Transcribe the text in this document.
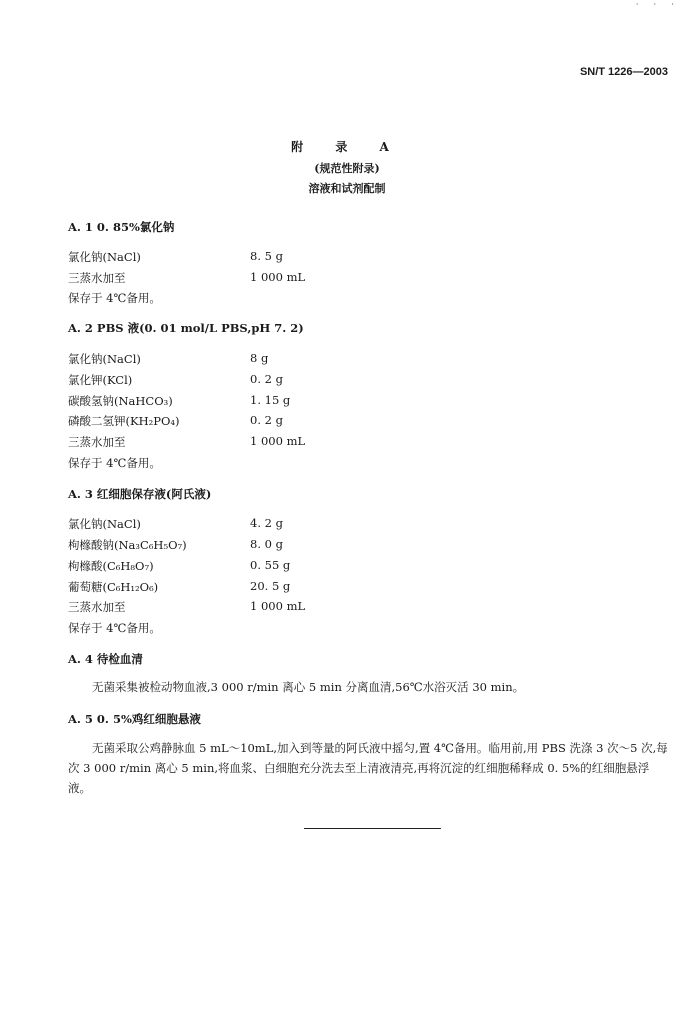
· · ·
SN/T 1226—2003
附 录 A
(规范性附录)
溶液和试剂配制
A. 1 0. 85%氯化钠
氯化钠(NaCl)	8. 5 g
三蒸水加至	1 000 mL
保存于 4℃备用。
A. 2 PBS 液(0. 01 mol/L PBS,pH 7. 2)
氯化钠(NaCl)	8 g
氯化钾(KCl)	0. 2 g
碳酸氢钠(NaHCO₃)	1. 15 g
磷酸二氢钾(KH₂PO₄)	0. 2 g
三蒸水加至	1 000 mL
保存于 4℃备用。
A. 3 红细胞保存液(阿氏液)
氯化钠(NaCl)	4. 2 g
枸橼酸钠(Na₃C₆H₅O₇)	8. 0 g
枸橼酸(C₆H₈O₇)	0. 55 g
葡萄糖(C₆H₁₂O₆)	20. 5 g
三蒸水加至	1 000 mL
保存于 4℃备用。
A. 4 待检血清
无菌采集被检动物血液,3 000 r/min 离心 5 min 分离血清,56℃水浴灭活 30 min。
A. 5 0. 5%鸡红细胞悬液
无菌采取公鸡静脉血 5 mL～10mL,加入到等量的阿氏液中摇匀,置 4℃备用。临用前,用 PBS 洗涤 3 次～5 次,每次 3 000 r/min 离心 5 min,将血浆、白细胞充分洗去至上清液清亮,再将沉淀的红细胞稀释成 0. 5%的红细胞悬浮液。
